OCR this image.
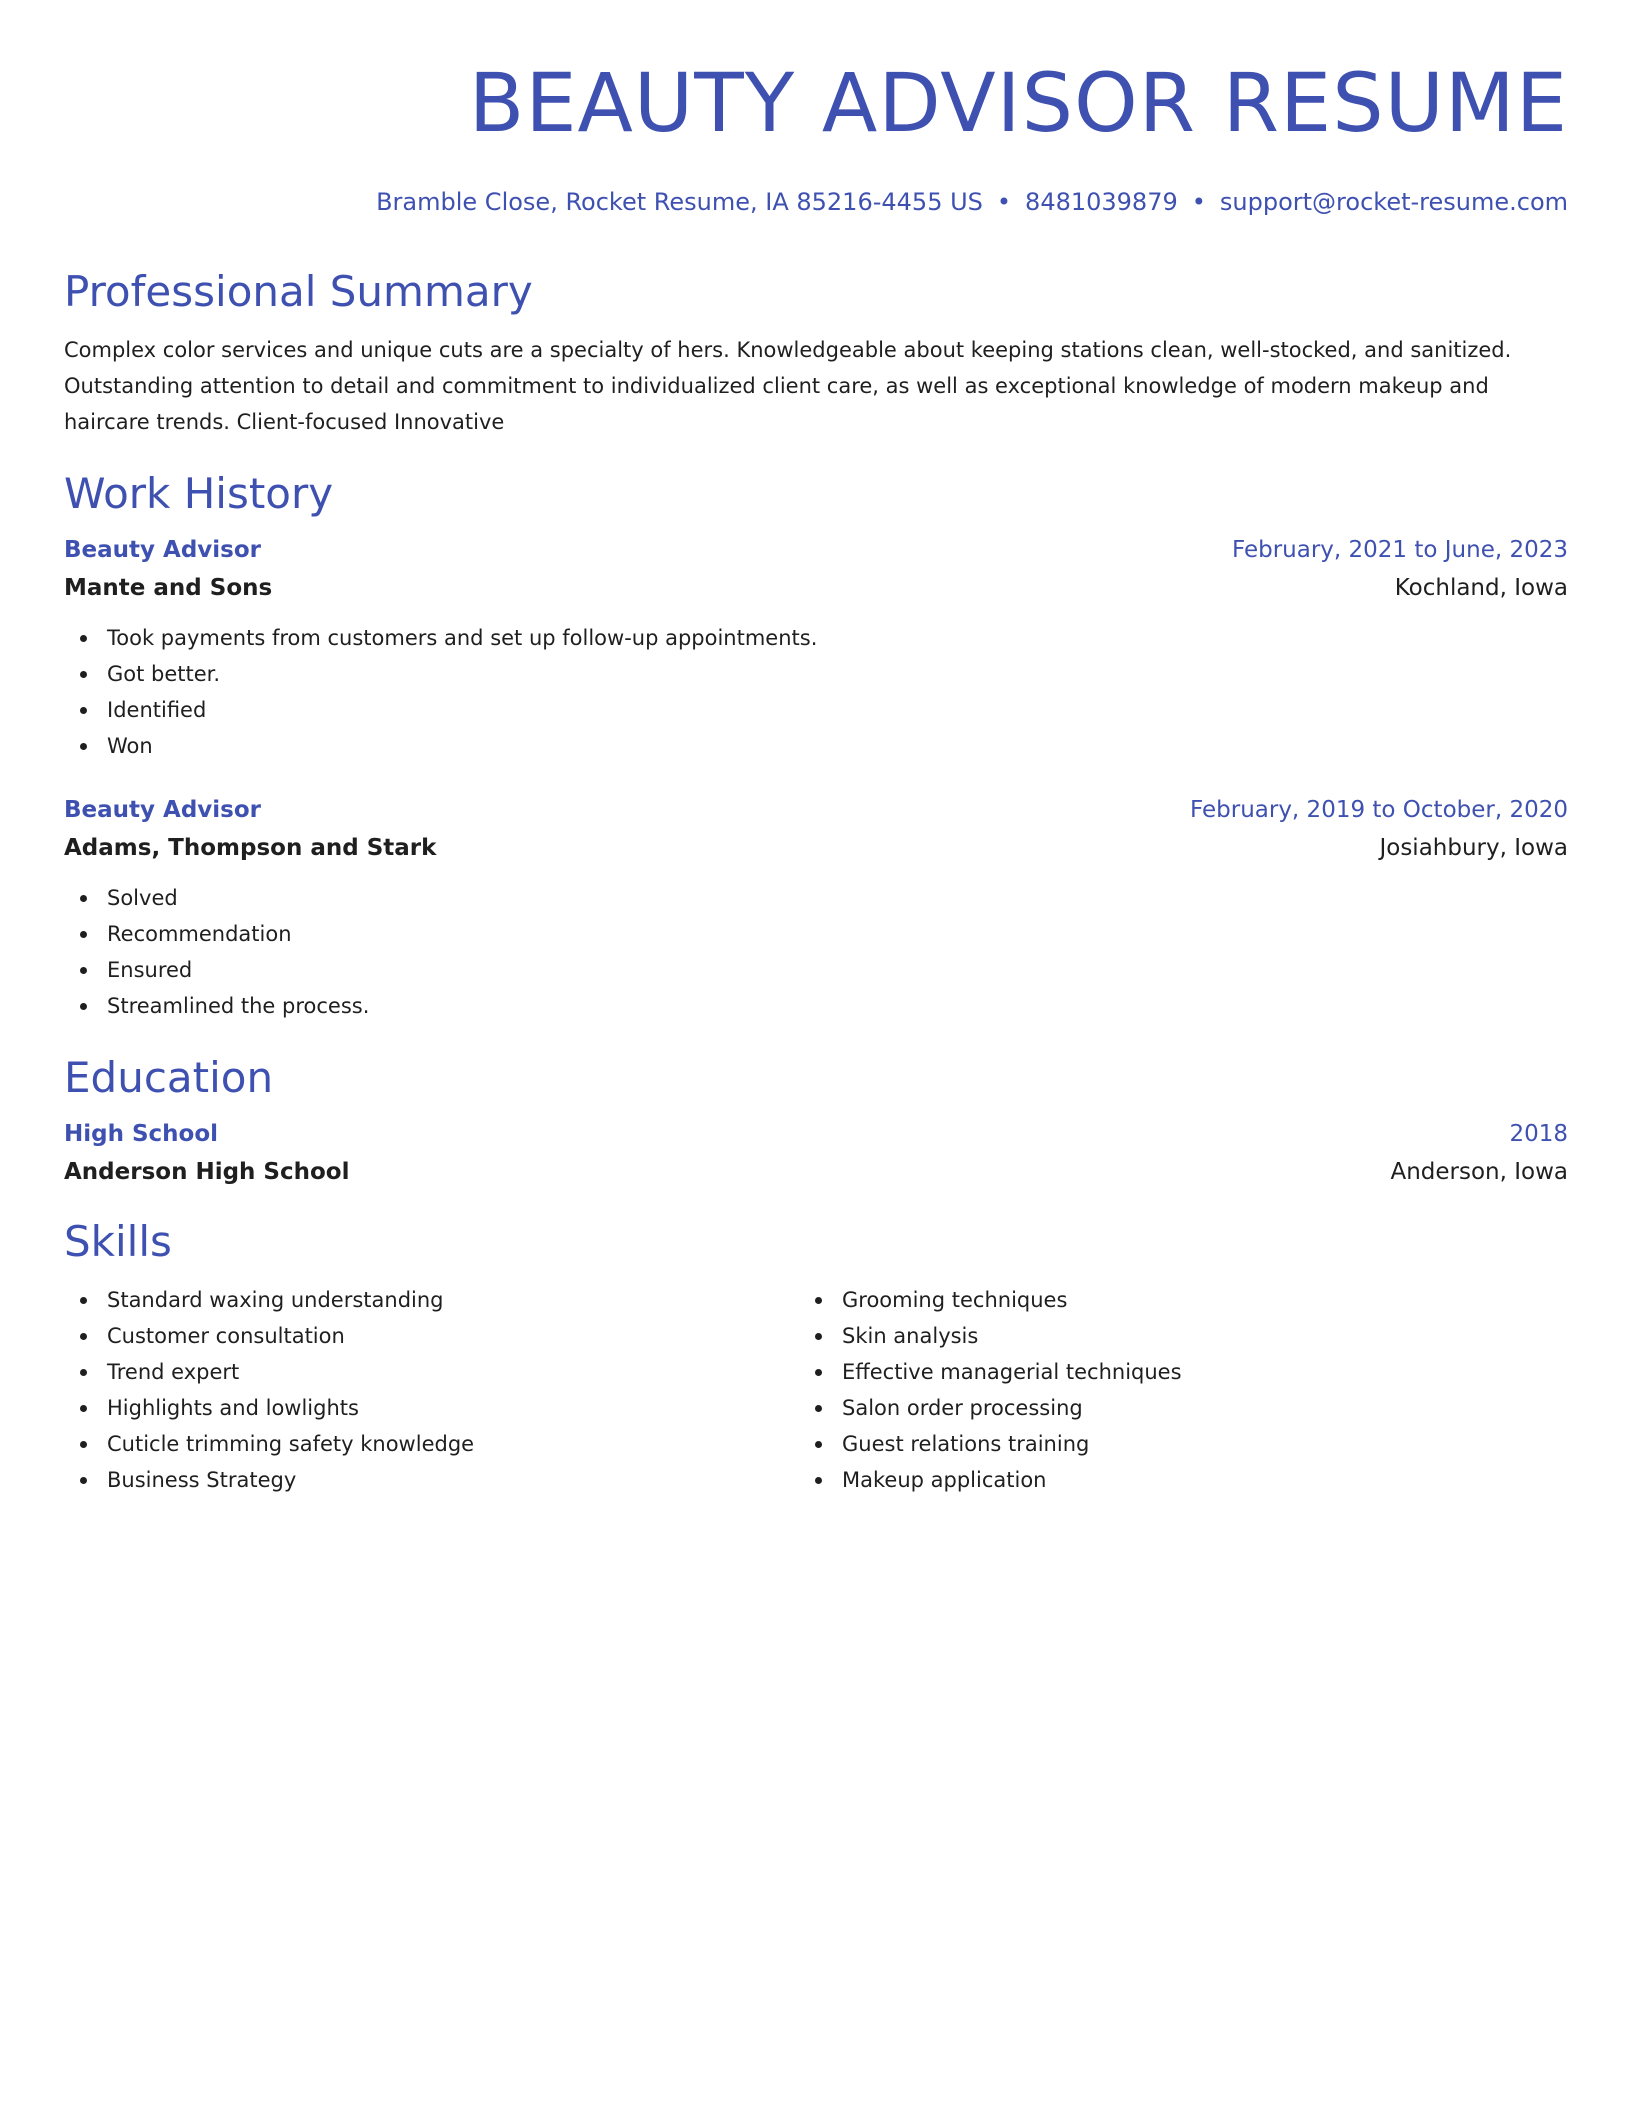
BEAUTY ADVISOR RESUME
Bramble Close, Rocket Resume, IA 85216-4455 US • 8481039879 • support@rocket-resume.com
Professional Summary
Complex color services and unique cuts are a specialty of hers. Knowledgeable about keeping stations clean, well-stocked, and sanitized. Outstanding attention to detail and commitment to individualized client care, as well as exceptional knowledge of modern makeup and haircare trends. Client-focused Innovative
Work History
Beauty Advisor	February, 2021 to June, 2023
Mante and Sons	Kochland, Iowa
Took payments from customers and set up follow-up appointments.
Got better.
Identified
Won
Beauty Advisor	February, 2019 to October, 2020
Adams, Thompson and Stark	Josiahbury, Iowa
Solved
Recommendation
Ensured
Streamlined the process.
Education
High School	2018
Anderson High School	Anderson, Iowa
Skills
Standard waxing understanding
Customer consultation
Trend expert
Highlights and lowlights
Cuticle trimming safety knowledge
Business Strategy
Grooming techniques
Skin analysis
Effective managerial techniques
Salon order processing
Guest relations training
Makeup application
